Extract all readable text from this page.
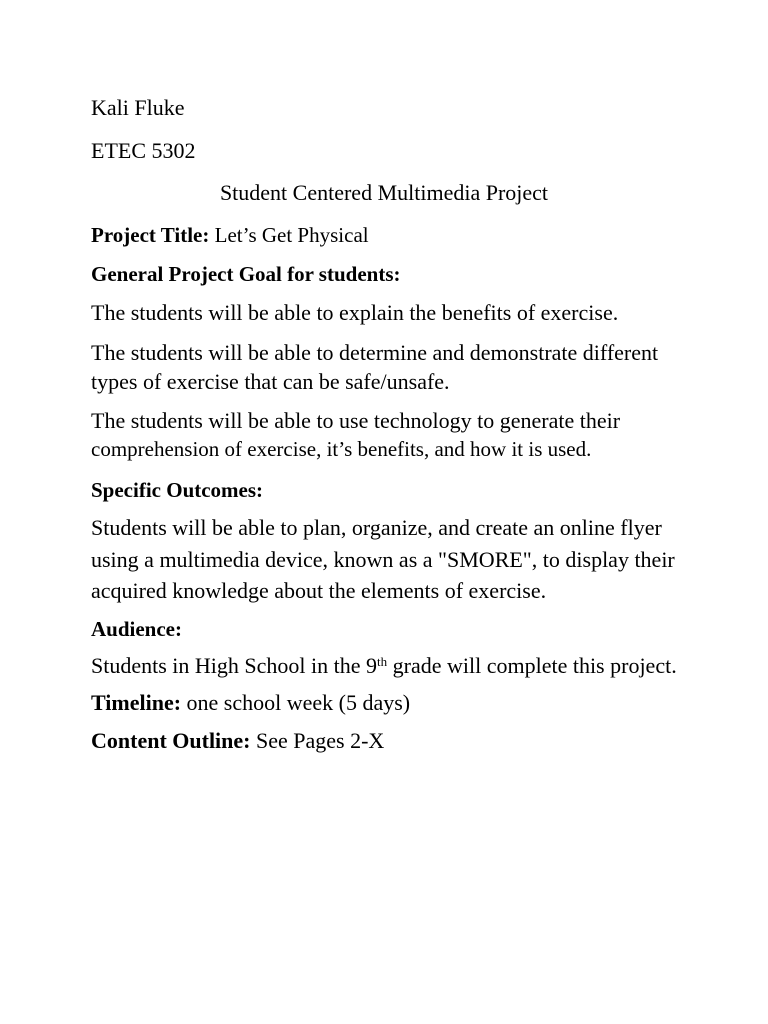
Kali Fluke
ETEC 5302
Student Centered Multimedia Project
Project Title: Let’s Get Physical
General Project Goal for students:
The students will be able to explain the benefits of exercise.
The students will be able to determine and demonstrate different
types of exercise that can be safe/unsafe.
The students will be able to use technology to generate their
comprehension of exercise, it’s benefits, and how it is used.
Specific Outcomes:
Students will be able to plan, organize, and create an online flyer
using a multimedia device, known as a "SMORE", to display their
acquired knowledge about the elements of exercise.
Audience:
Students in High School in the 9th grade will complete this project.
Timeline: one school week (5 days)
Content Outline: See Pages 2-X
